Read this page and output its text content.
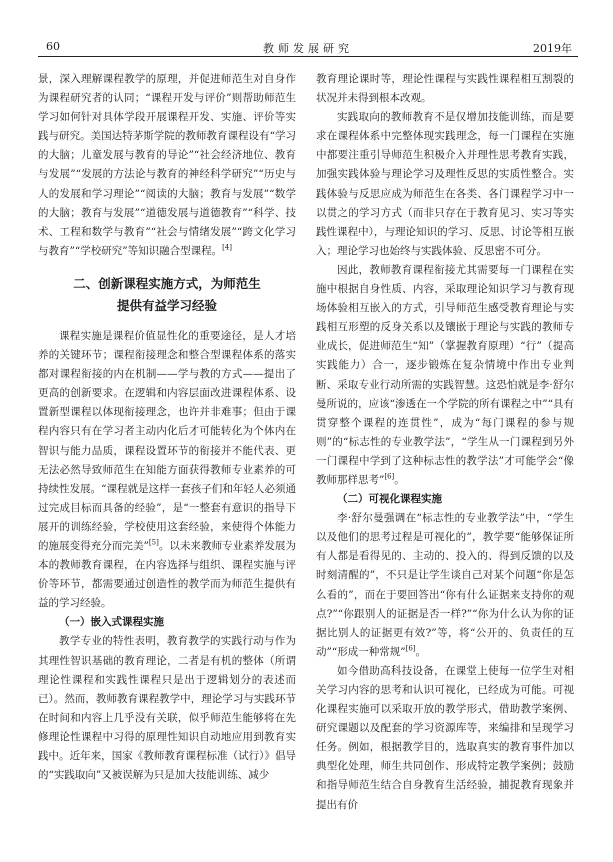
60	教师发展研究	2019年

景，深入理解课程教学的原理，并促进师范生对自身作为课程研究者的认同；“课程开发与评价”则帮助师范生学习如何针对具体学段开展课程开发、实施、评价等实践与研究。美国达特茅斯学院的教师教育课程设有“学习的大脑；儿童发展与教育的导论”“社会经济地位、教育与发展”“发展的方法论与教育的神经科学研究”“历史与人的发展和学习理论”“阅读的大脑；教育与发展”“数学的大脑；教育与发展”“道德发展与道德教育”“科学、技术、工程和数学与教育”“社会与情绪发展”“跨文化学习与教育”“学校研究”等知识融合型课程。[4]

二、创新课程实施方式，为师范生
提供有益学习经验

课程实施是课程价值显性化的重要途径，是人才培养的关键环节；课程衔接理念和整合型课程体系的落实都对课程衔接的内在机制——学与教的方式——提出了更高的创新要求。在逻辑和内容层面改进课程体系、设置新型课程以体现衔接理念，也许并非难事；但由于课程内容只有在学习者主动内化后才可能转化为个体内在智识与能力品质，课程设置环节的衔接并不能代表、更无法必然导致师范生在知能方面获得教师专业素养的可持续性发展。“课程就是这样一套孩子们和年轻人必须通过完成目标而具备的经验”，是“一整套有意识的指导下展开的训练经验，学校使用这套经验，来使得个体能力的施展变得充分而完美”[5]。以未来教师专业素养发展为本的教师教育课程，在内容选择与组织、课程实施与评价等环节，都需要通过创造性的教学而为师范生提供有益的学习经验。

（一）嵌入式课程实施

教学专业的特性表明，教育教学的实践行动与作为其理性智识基础的教育理论，二者是有机的整体（所谓理论性课程和实践性课程只是出于逻辑划分的表述而已）。然而，教师教育课程教学中，理论学习与实践环节在时间和内容上几乎没有关联，似乎师范生能够将在先修理论性课程中习得的原理性知识自动地应用到教育实践中。近年来，国家《教师教育课程标准（试行）》倡导的“实践取向”又被误解为只是加大技能训练、减少

教育理论课时等，理论性课程与实践性课程相互割裂的状况并未得到根本改观。

实践取向的教师教育不是仅增加技能训练，而是要求在课程体系中完整体现实践理念，每一门课程在实施中都要注重引导师范生积极介入并理性思考教育实践，加强实践体验与理论学习及理性反思的实质性整合。实践体验与反思应成为师范生在各类、各门课程学习中一以贯之的学习方式（而非只存在于教育见习、实习等实践性课程中），与理论知识的学习、反思、讨论等相互嵌入；理论学习也始终与实践体验、反思密不可分。

因此，教师教育课程衔接尤其需要每一门课程在实施中根据自身性质、内容，采取理论知识学习与教育现场体验相互嵌入的方式，引导师范生感受教育理论与实践相互形塑的反身关系以及镶嵌于理论与实践的教师专业成长，促进师范生“知”（掌握教育原理）“行”（提高实践能力）合一，逐步锻炼在复杂情境中作出专业判断、采取专业行动所需的实践智慧。这恐怕就是李·舒尔曼所说的，应该“渗透在一个学院的所有课程之中”“具有贯穿整个课程的连贯性”，成为“每门课程的参与规则”的“标志性的专业教学法”，“学生从一门课程到另外一门课程中学到了这种标志性的教学法”才可能学会“像教师那样思考”[6]。

（二）可视化课程实施

李·舒尔曼强调在“标志性的专业教学法”中，“学生以及他们的思考过程是可视化的”，教学要“能够保证所有人都是看得见的、主动的、投入的、得到反馈的以及时刻清醒的”，不只是让学生谈自己对某个问题“你是怎么看的”，而在于要回答出“你有什么证据来支持你的观点?”“你跟别人的证据是否一样?”“你为什么认为你的证据比别人的证据更有效?”等，将“公开的、负责任的互动”“形成一种常规”[6]。

如今借助高科技设备，在课堂上使每一位学生对相关学习内容的思考和认识可视化，已经成为可能。可视化课程实施可以采取开放的教学形式，借助教学案例、研究课题以及配套的学习资源库等，来编排和呈现学习任务。例如，根据教学目的，选取真实的教育事件加以典型化处理，师生共同创作、形成特定教学案例；鼓励和指导师范生结合自身教育生活经验，捕捉教育现象并提出有价
